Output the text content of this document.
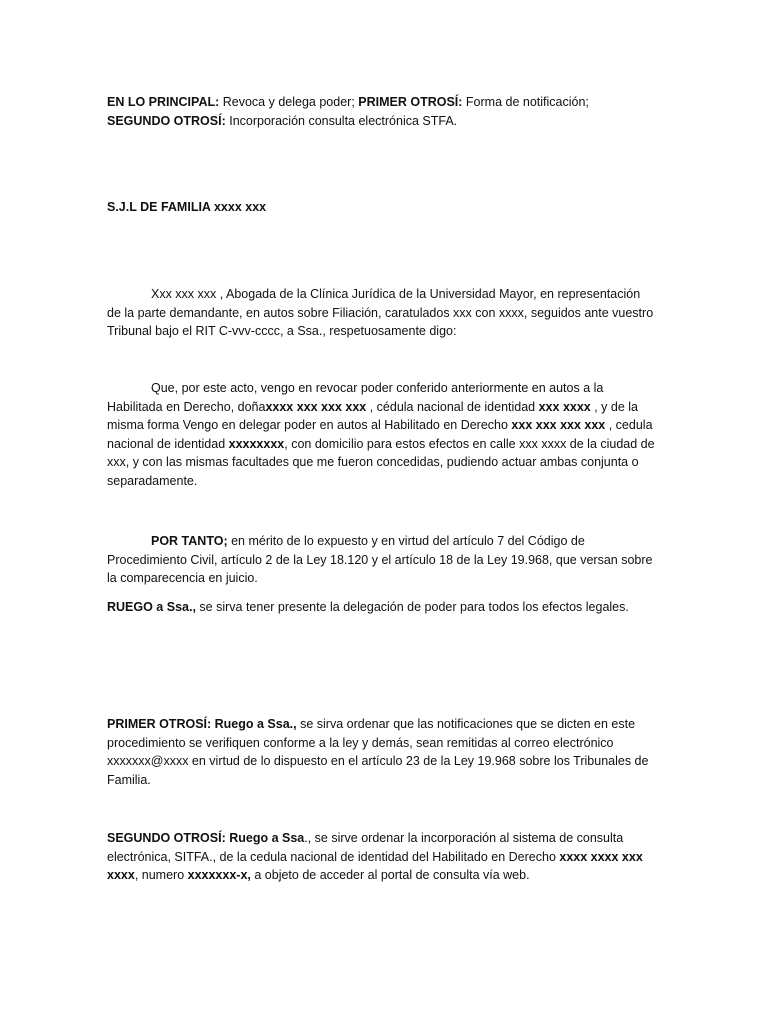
EN LO PRINCIPAL: Revoca y delega poder; PRIMER OTROSÍ: Forma de notificación; SEGUNDO OTROSÍ: Incorporación consulta electrónica STFA.

S.J.L DE FAMILIA xxxx xxx

Xxx xxx xxx , Abogada de la Clínica Jurídica de la Universidad Mayor, en representación de la parte demandante, en autos sobre Filiación, caratulados xxx con xxxx, seguidos ante vuestro Tribunal bajo el RIT C-vvv-cccc, a Ssa., respetuosamente digo:

Que, por este acto, vengo en revocar poder conferido anteriormente en autos a la Habilitada en Derecho, doñaxxxx xxx xxx xxx , cédula nacional de identidad xxx xxxx , y de la misma forma Vengo en delegar poder en autos al Habilitado en Derecho xxx xxx xxx xxx , cedula nacional de identidad xxxxxxxx, con domicilio para estos efectos en calle xxx xxxx de la ciudad de xxx, y con las mismas facultades que me fueron concedidas, pudiendo actuar ambas conjunta o separadamente.

POR TANTO; en mérito de lo expuesto y en virtud del artículo 7 del Código de Procedimiento Civil, artículo 2 de la Ley 18.120 y el artículo 18 de la Ley 19.968, que versan sobre la comparecencia en juicio.

RUEGO a Ssa., se sirva tener presente la delegación de poder para todos los efectos legales.

PRIMER OTROSÍ: Ruego a Ssa., se sirva ordenar que las notificaciones que se dicten en este procedimiento se verifiquen conforme a la ley y demás, sean remitidas al correo electrónico xxxxxxx@xxxx en virtud de lo dispuesto en el artículo 23 de la Ley 19.968 sobre los Tribunales de Familia.

SEGUNDO OTROSÍ: Ruego a Ssa., se sirve ordenar la incorporación al sistema de consulta electrónica, SITFA., de la cedula nacional de identidad del Habilitado en Derecho xxxx xxxx xxx xxxx, numero xxxxxxx-x, a objeto de acceder al portal de consulta vía web.
